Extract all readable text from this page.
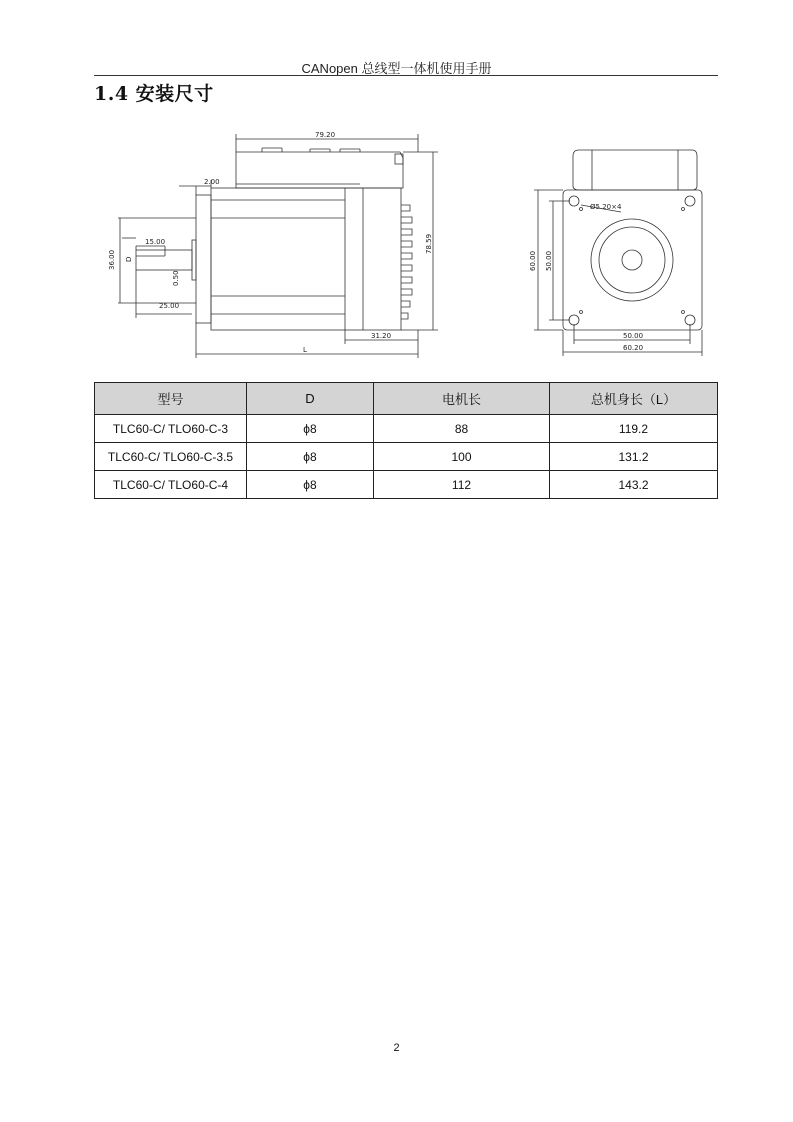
CANopen 总线型一体机使用手册
1.4 安装尺寸
79.20
2.00
15.00
25.00
31.20
L
36.00 D
0.50
78.59
Ø5.20×4
60.00 50.00
50.00
60.20
型号	D	电机长	总机身长（L）
TLC60-C/ TLO60-C-3	ϕ8	88	119.2
TLC60-C/ TLO60-C-3.5	ϕ8	100	131.2
TLC60-C/ TLO60-C-4	ϕ8	112	143.2
2
